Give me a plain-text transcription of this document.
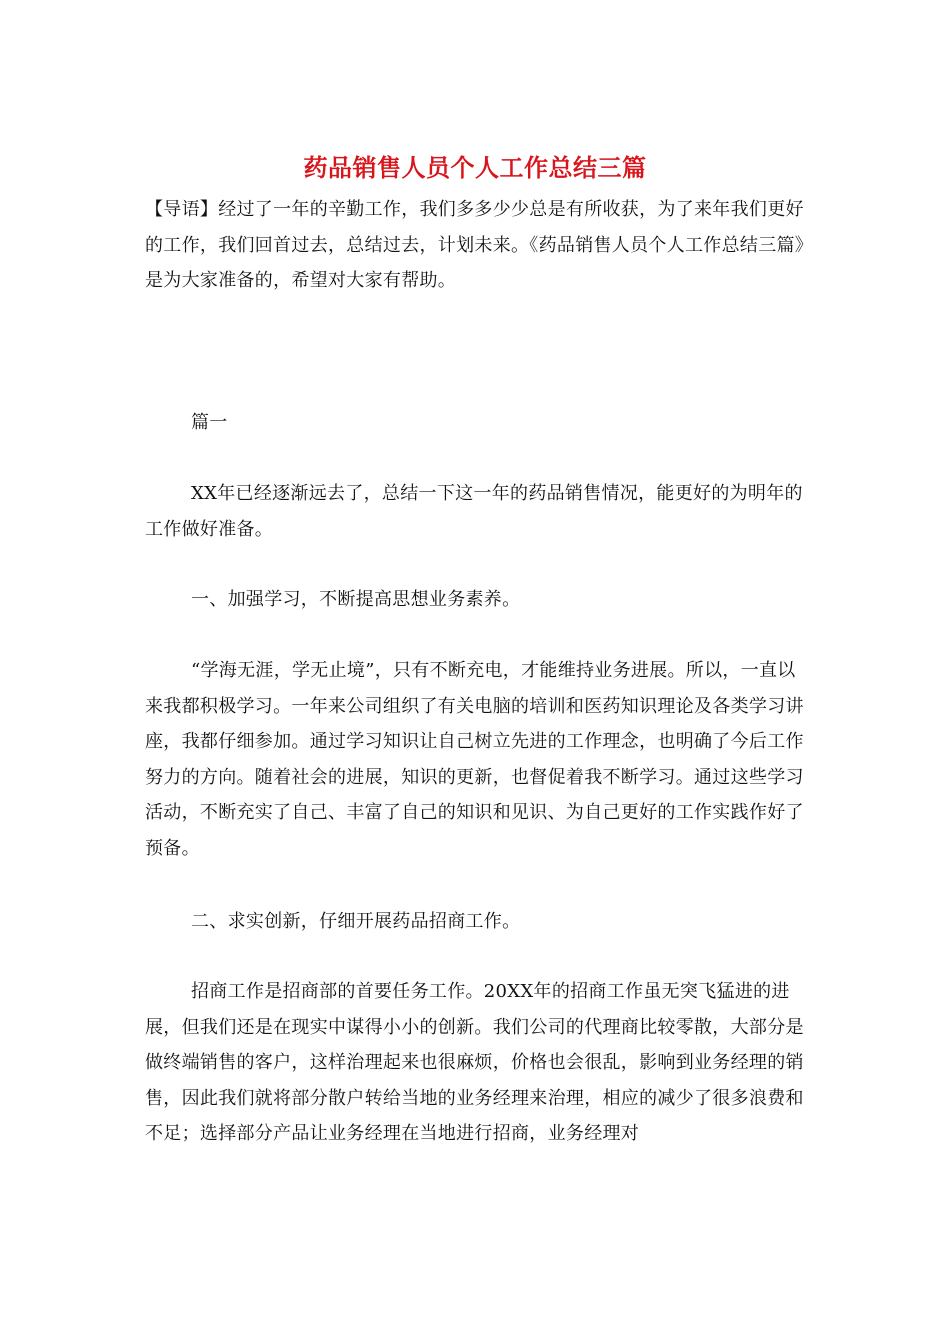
药品销售人员个人工作总结三篇

【导语】经过了一年的辛勤工作，我们多多少少总是有所收获，为了来年我们更好的工作，我们回首过去，总结过去，计划未来。《药品销售人员个人工作总结三篇》是为大家准备的，希望对大家有帮助。

篇一

XX年已经逐渐远去了，总结一下这一年的药品销售情况，能更好的为明年的工作做好准备。

一、加强学习，不断提高思想业务素养。

“学海无涯，学无止境”，只有不断充电，才能维持业务进展。所以，一直以来我都积极学习。一年来公司组织了有关电脑的培训和医药知识理论及各类学习讲座，我都仔细参加。通过学习知识让自己树立先进的工作理念，也明确了今后工作努力的方向。随着社会的进展，知识的更新，也督促着我不断学习。通过这些学习活动，不断充实了自己、丰富了自己的知识和见识、为自己更好的工作实践作好了预备。

二、求实创新，仔细开展药品招商工作。

招商工作是招商部的首要任务工作。20XX年的招商工作虽无突飞猛进的进展，但我们还是在现实中谋得小小的创新。我们公司的代理商比较零散，大部分是做终端销售的客户，这样治理起来也很麻烦，价格也会很乱，影响到业务经理的销售，因此我们就将部分散户转给当地的业务经理来治理，相应的减少了很多浪费和不足；选择部分产品让业务经理在当地进行招商，业务经理对
